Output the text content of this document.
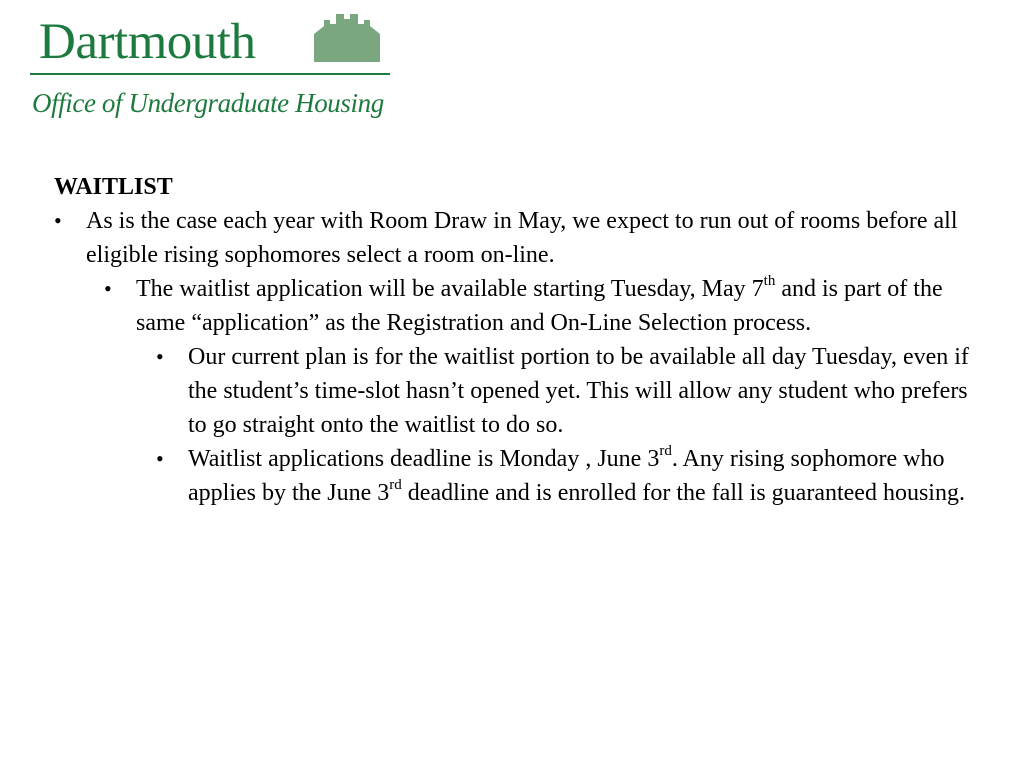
Dartmouth
Office of Undergraduate Housing
WAITLIST
• As is the case each year with Room Draw in May, we expect to run out of rooms before all eligible rising sophomores select a room on-line.
• The waitlist application will be available starting Tuesday, May 7th and is part of the same “application” as the Registration and On-Line Selection process.
• Our current plan is for the waitlist portion to be available all day Tuesday, even if the student’s time-slot hasn’t opened yet. This will allow any student who prefers to go straight onto the waitlist to do so.
• Waitlist applications deadline is Monday , June 3rd. Any rising sophomore who applies by the June 3rd deadline and is enrolled for the fall is guaranteed housing.
